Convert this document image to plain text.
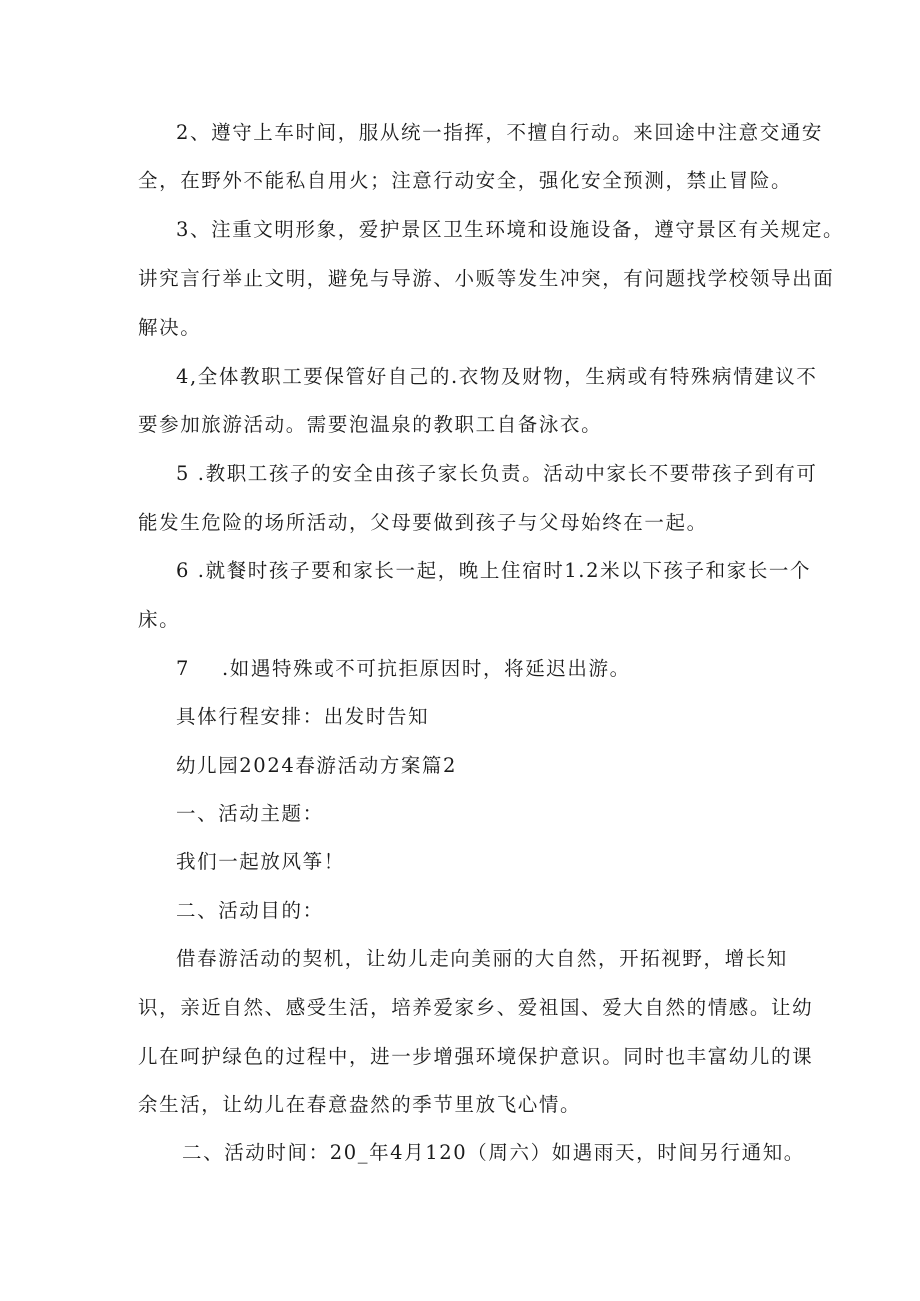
2、遵守上车时间，服从统一指挥，不擅自行动。来回途中注意交通安
全，在野外不能私自用火；注意行动安全，强化安全预测，禁止冒险。
3、注重文明形象，爱护景区卫生环境和设施设备，遵守景区有关规定。
讲究言行举止文明，避免与导游、小贩等发生冲突，有问题找学校领导出面
解决。
4,全体教职工要保管好自己的.衣物及财物，生病或有特殊病情建议不
要参加旅游活动。需要泡温泉的教职工自备泳衣。
5 .教职工孩子的安全由孩子家长负责。活动中家长不要带孩子到有可
能发生危险的场所活动，父母要做到孩子与父母始终在一起。
6 .就餐时孩子要和家长一起，晚上住宿时1.2米以下孩子和家长一个
床。
7 .如遇特殊或不可抗拒原因时，将延迟出游。
具体行程安排：出发时告知
幼儿园2024春游活动方案篇2
一、活动主题：
我们一起放风筝！
二、活动目的：
借春游活动的契机，让幼儿走向美丽的大自然，开拓视野，增长知
识，亲近自然、感受生活，培养爱家乡、爱祖国、爱大自然的情感。让幼
儿在呵护绿色的过程中，进一步增强环境保护意识。同时也丰富幼儿的课
余生活，让幼儿在春意盎然的季节里放飞心情。
二、活动时间：20_年4月120（周六）如遇雨天，时间另行通知。
